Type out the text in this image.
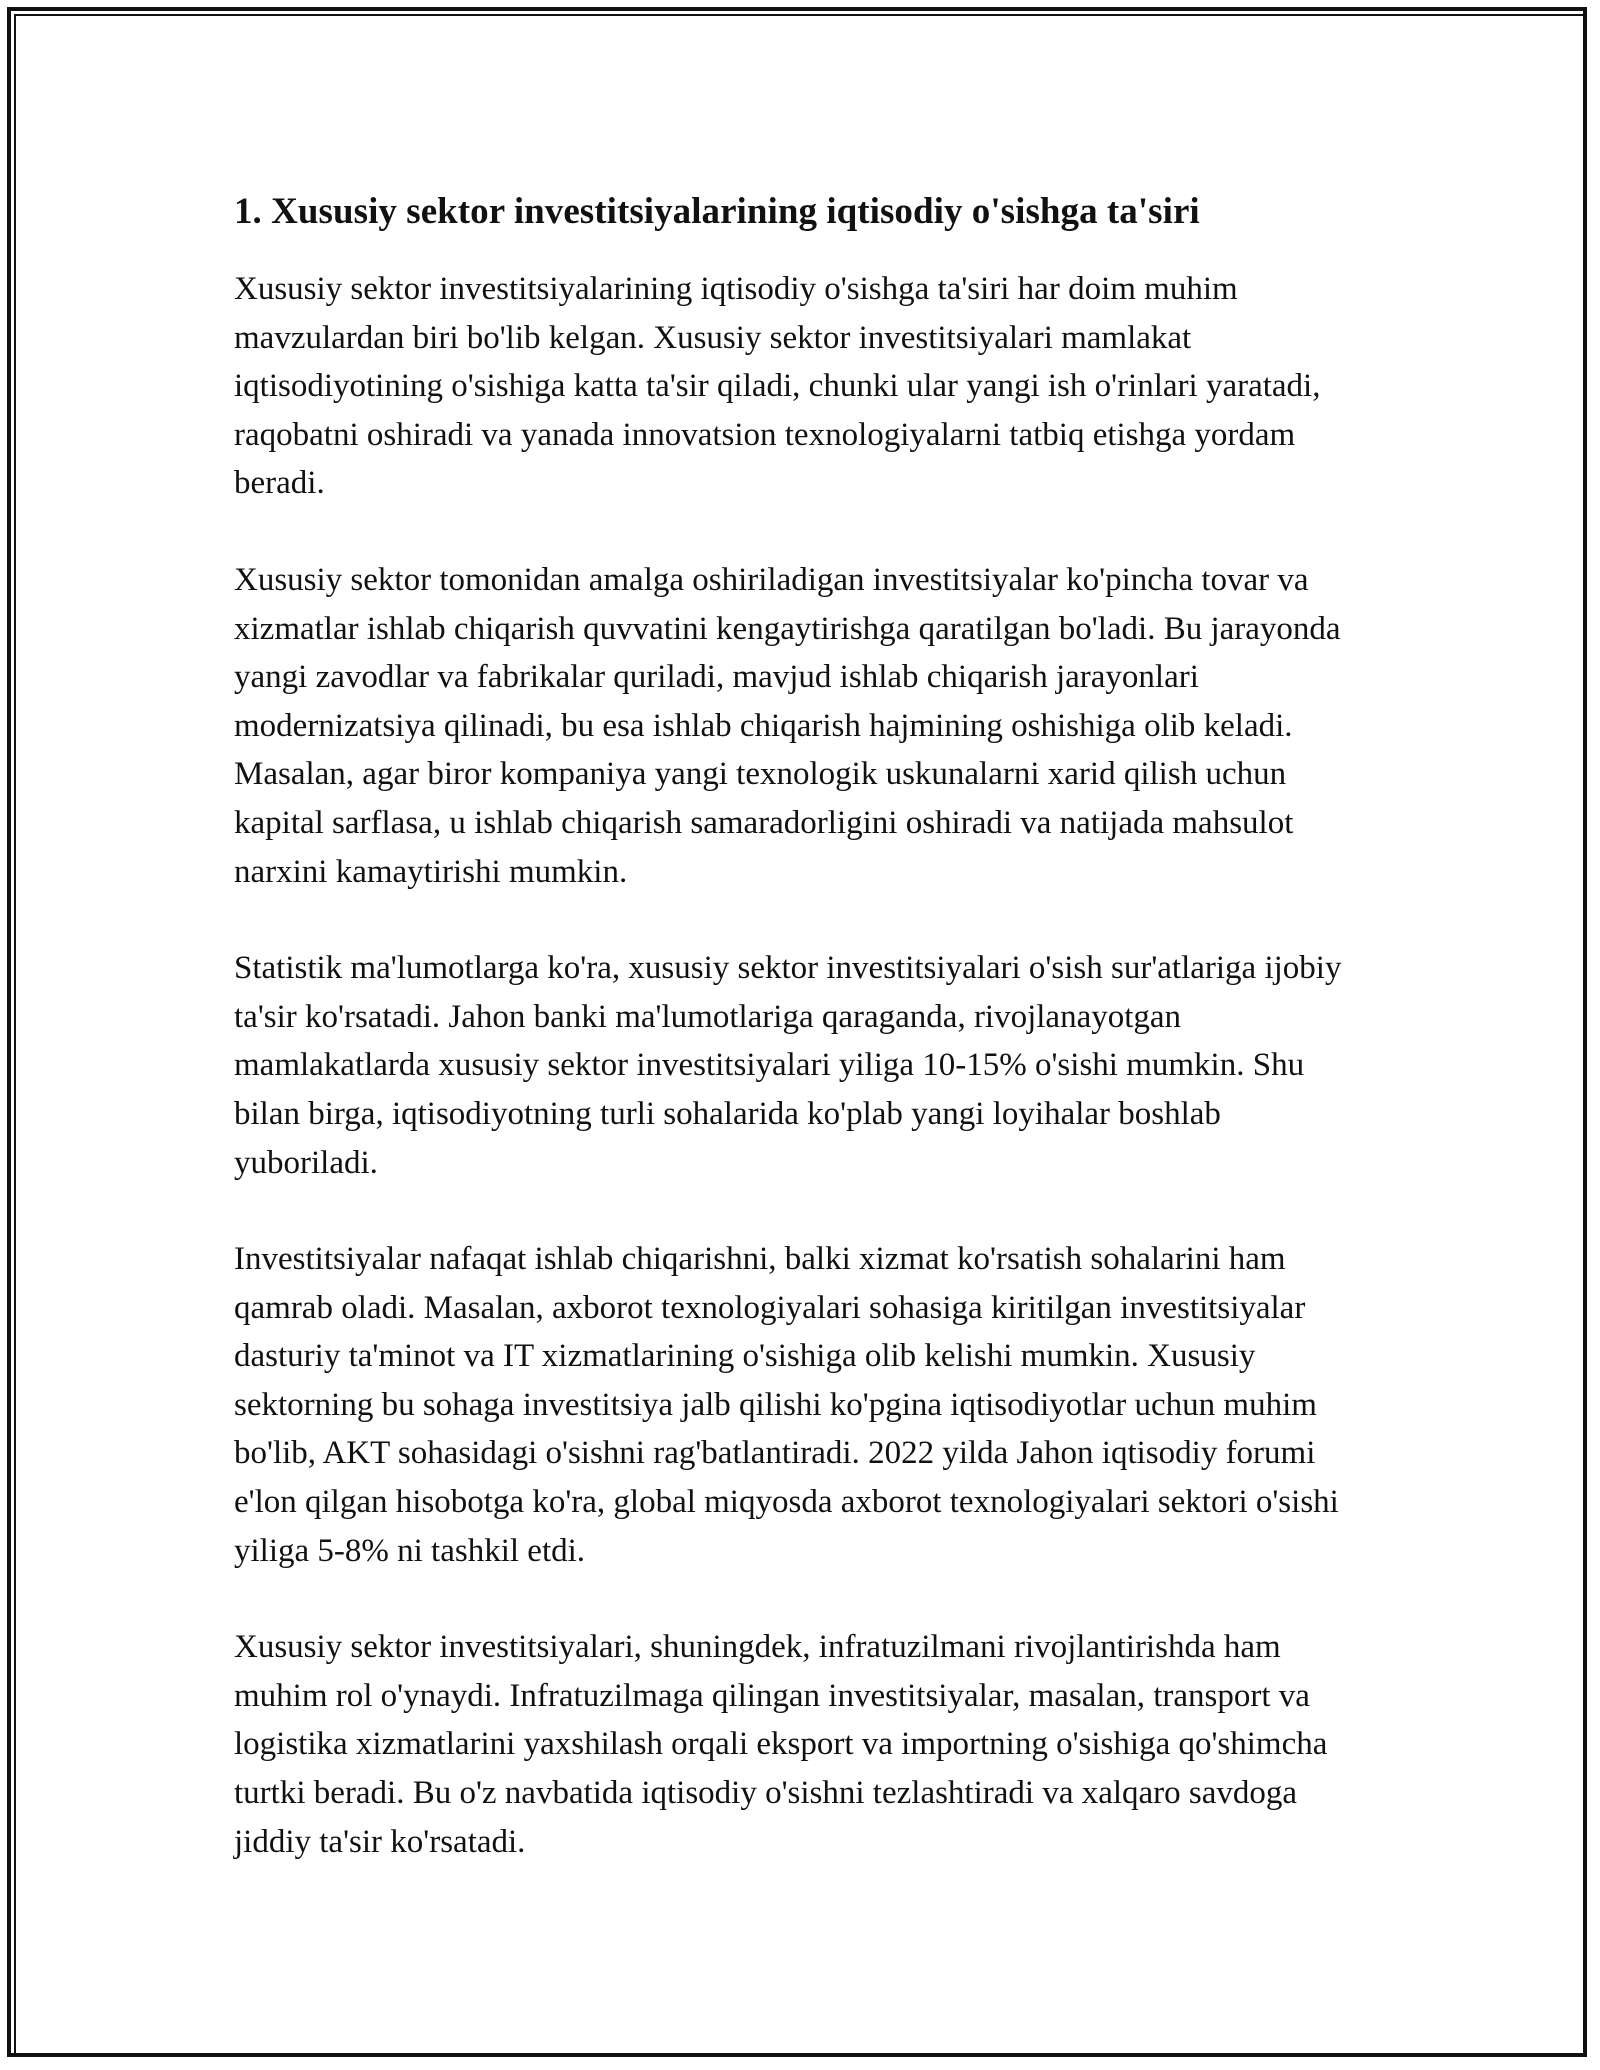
1. Xususiy sektor investitsiyalarining iqtisodiy o'sishga ta'siri

Xususiy sektor investitsiyalarining iqtisodiy o'sishga ta'siri har doim muhim mavzulardan biri bo'lib kelgan. Xususiy sektor investitsiyalari mamlakat iqtisodiyotining o'sishiga katta ta'sir qiladi, chunki ular yangi ish o'rinlari yaratadi, raqobatni oshiradi va yanada innovatsion texnologiyalarni tatbiq etishga yordam beradi.

Xususiy sektor tomonidan amalga oshiriladigan investitsiyalar ko'pincha tovar va xizmatlar ishlab chiqarish quvvatini kengaytirishga qaratilgan bo'ladi. Bu jarayonda yangi zavodlar va fabrikalar quriladi, mavjud ishlab chiqarish jarayonlari modernizatsiya qilinadi, bu esa ishlab chiqarish hajmining oshishiga olib keladi. Masalan, agar biror kompaniya yangi texnologik uskunalarni xarid qilish uchun kapital sarflasa, u ishlab chiqarish samaradorligini oshiradi va natijada mahsulot narxini kamaytirishi mumkin.

Statistik ma'lumotlarga ko'ra, xususiy sektor investitsiyalari o'sish sur'atlariga ijobiy ta'sir ko'rsatadi. Jahon banki ma'lumotlariga qaraganda, rivojlanayotgan mamlakatlarda xususiy sektor investitsiyalari yiliga 10-15% o'sishi mumkin. Shu bilan birga, iqtisodiyotning turli sohalarida ko'plab yangi loyihalar boshlab yuboriladi.

Investitsiyalar nafaqat ishlab chiqarishni, balki xizmat ko'rsatish sohalarini ham qamrab oladi. Masalan, axborot texnologiyalari sohasiga kiritilgan investitsiyalar dasturiy ta'minot va IT xizmatlarining o'sishiga olib kelishi mumkin. Xususiy sektorning bu sohaga investitsiya jalb qilishi ko'pgina iqtisodiyotlar uchun muhim bo'lib, AKT sohasidagi o'sishni rag'batlantiradi. 2022 yilda Jahon iqtisodiy forumi e'lon qilgan hisobotga ko'ra, global miqyosda axborot texnologiyalari sektori o'sishi yiliga 5-8% ni tashkil etdi.

Xususiy sektor investitsiyalari, shuningdek, infratuzilmani rivojlantirishda ham muhim rol o'ynaydi. Infratuzilmaga qilingan investitsiyalar, masalan, transport va logistika xizmatlarini yaxshilash orqali eksport va importning o'sishiga qo'shimcha turtki beradi. Bu o'z navbatida iqtisodiy o'sishni tezlashtiradi va xalqaro savdoga jiddiy ta'sir ko'rsatadi.
